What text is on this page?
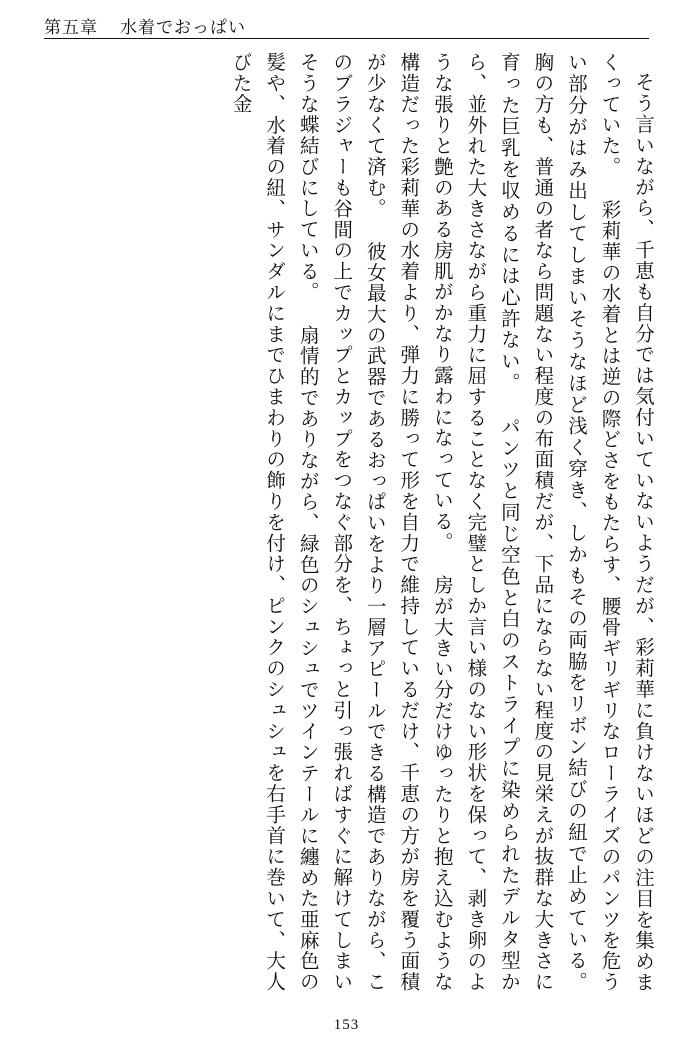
第五章 水着でおっぱい

そう言いながら、千恵も自分では気付いていないようだが、彩莉華に負けないほどの注目を集めまくっていた。 彩莉華の水着とは逆の際どさをもたらす、腰骨ギリギリなローライズのパンツを危うい部分がはみ出してしまいそうなほど浅く穿き、しかもその両脇をリボン結びの紐で止めている。 胸の方も、普通の者なら問題ない程度の布面積だが、下品にならない程度の見栄えが抜群な大きさに育った巨乳を収めるには心許ない。 パンツと同じ空色と白のストライプに染められたデルタ型から、並外れた大きさながら重力に屈することなく完璧としか言い様のない形状を保って、剥き卵のような張りと艶のある房肌がかなり露わになっている。 房が大きい分だけゆったりと抱え込むような構造だった彩莉華の水着より、弾力に勝って形を自力で維持しているだけ、千恵の方が房を覆う面積が少なくて済む。 彼女最大の武器であるおっぱいをより一層アピールできる構造でありながら、このブラジャーも谷間の上でカップとカップをつなぐ部分を、ちょっと引っ張ればすぐに解けてしまいそうな蝶結びにしている。 扇情的でありながら、緑色のシュシュでツインテールに纏めた亜麻色の髪や、水着の紐、サンダルにまでひまわりの飾りを付け、ピンクのシュシュを右手首に巻いて、大人びた金

153
